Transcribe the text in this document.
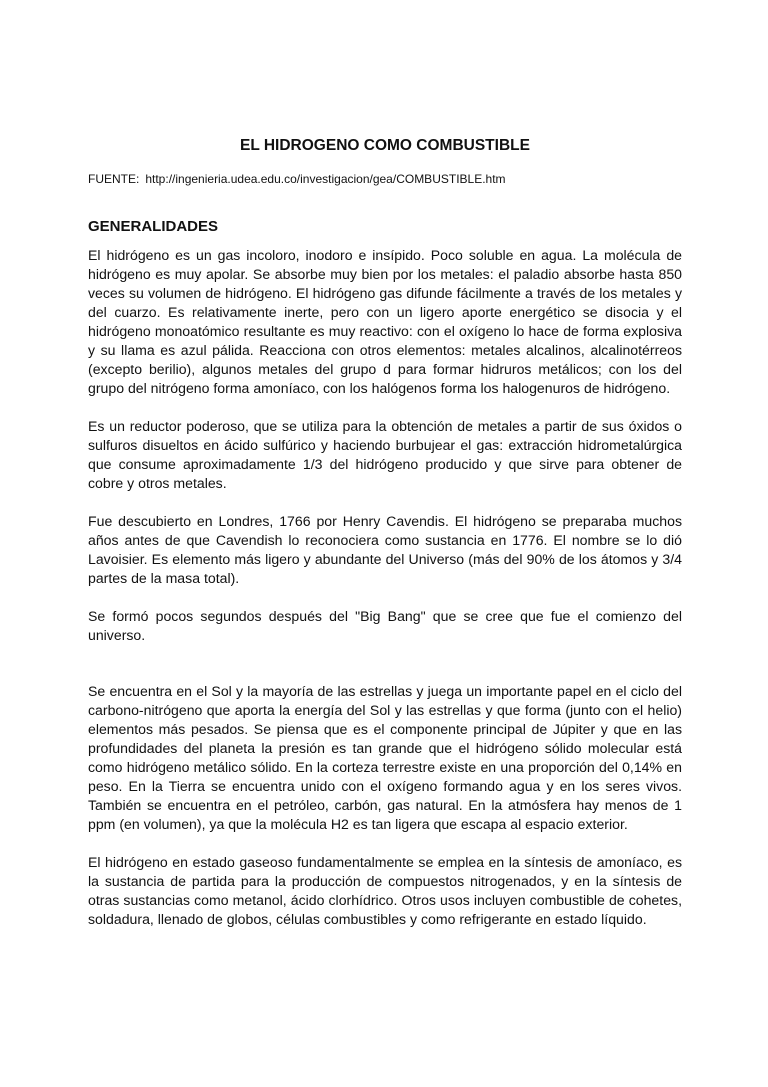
EL HIDROGENO COMO COMBUSTIBLE

FUENTE: http://ingenieria.udea.edu.co/investigacion/gea/COMBUSTIBLE.htm

GENERALIDADES

El hidrógeno es un gas incoloro, inodoro e insípido. Poco soluble en agua. La molécula de hidrógeno es muy apolar. Se absorbe muy bien por los metales: el paladio absorbe hasta 850 veces su volumen de hidrógeno. El hidrógeno gas difunde fácilmente a través de los metales y del cuarzo. Es relativamente inerte, pero con un ligero aporte energético se disocia y el hidrógeno monoatómico resultante es muy reactivo: con el oxígeno lo hace de forma explosiva y su llama es azul pálida. Reacciona con otros elementos: metales alcalinos, alcalinotérreos (excepto berilio), algunos metales del grupo d para formar hidruros metálicos; con los del grupo del nitrógeno forma amoníaco, con los halógenos forma los halogenuros de hidrógeno.

Es un reductor poderoso, que se utiliza para la obtención de metales a partir de sus óxidos o sulfuros disueltos en ácido sulfúrico y haciendo burbujear el gas: extracción hidrometalúrgica que consume aproximadamente 1/3 del hidrógeno producido y que sirve para obtener de cobre y otros metales.

Fue descubierto en Londres, 1766 por Henry Cavendis. El hidrógeno se preparaba muchos años antes de que Cavendish lo reconociera como sustancia en 1776. El nombre se lo dió Lavoisier. Es elemento más ligero y abundante del Universo (más del 90% de los átomos y 3/4 partes de la masa total).

Se formó pocos segundos después del "Big Bang" que se cree que fue el comienzo del universo.

Se encuentra en el Sol y la mayoría de las estrellas y juega un importante papel en el ciclo del carbono-nitrógeno que aporta la energía del Sol y las estrellas y que forma (junto con el helio) elementos más pesados. Se piensa que es el componente principal de Júpiter y que en las profundidades del planeta la presión es tan grande que el hidrógeno sólido molecular está como hidrógeno metálico sólido. En la corteza terrestre existe en una proporción del 0,14% en peso. En la Tierra se encuentra unido con el oxígeno formando agua y en los seres vivos. También se encuentra en el petróleo, carbón, gas natural. En la atmósfera hay menos de 1 ppm (en volumen), ya que la molécula H2 es tan ligera que escapa al espacio exterior.

El hidrógeno en estado gaseoso fundamentalmente se emplea en la síntesis de amoníaco, es la sustancia de partida para la producción de compuestos nitrogenados, y en la síntesis de otras sustancias como metanol, ácido clorhídrico. Otros usos incluyen combustible de cohetes, soldadura, llenado de globos, células combustibles y como refrigerante en estado líquido.
